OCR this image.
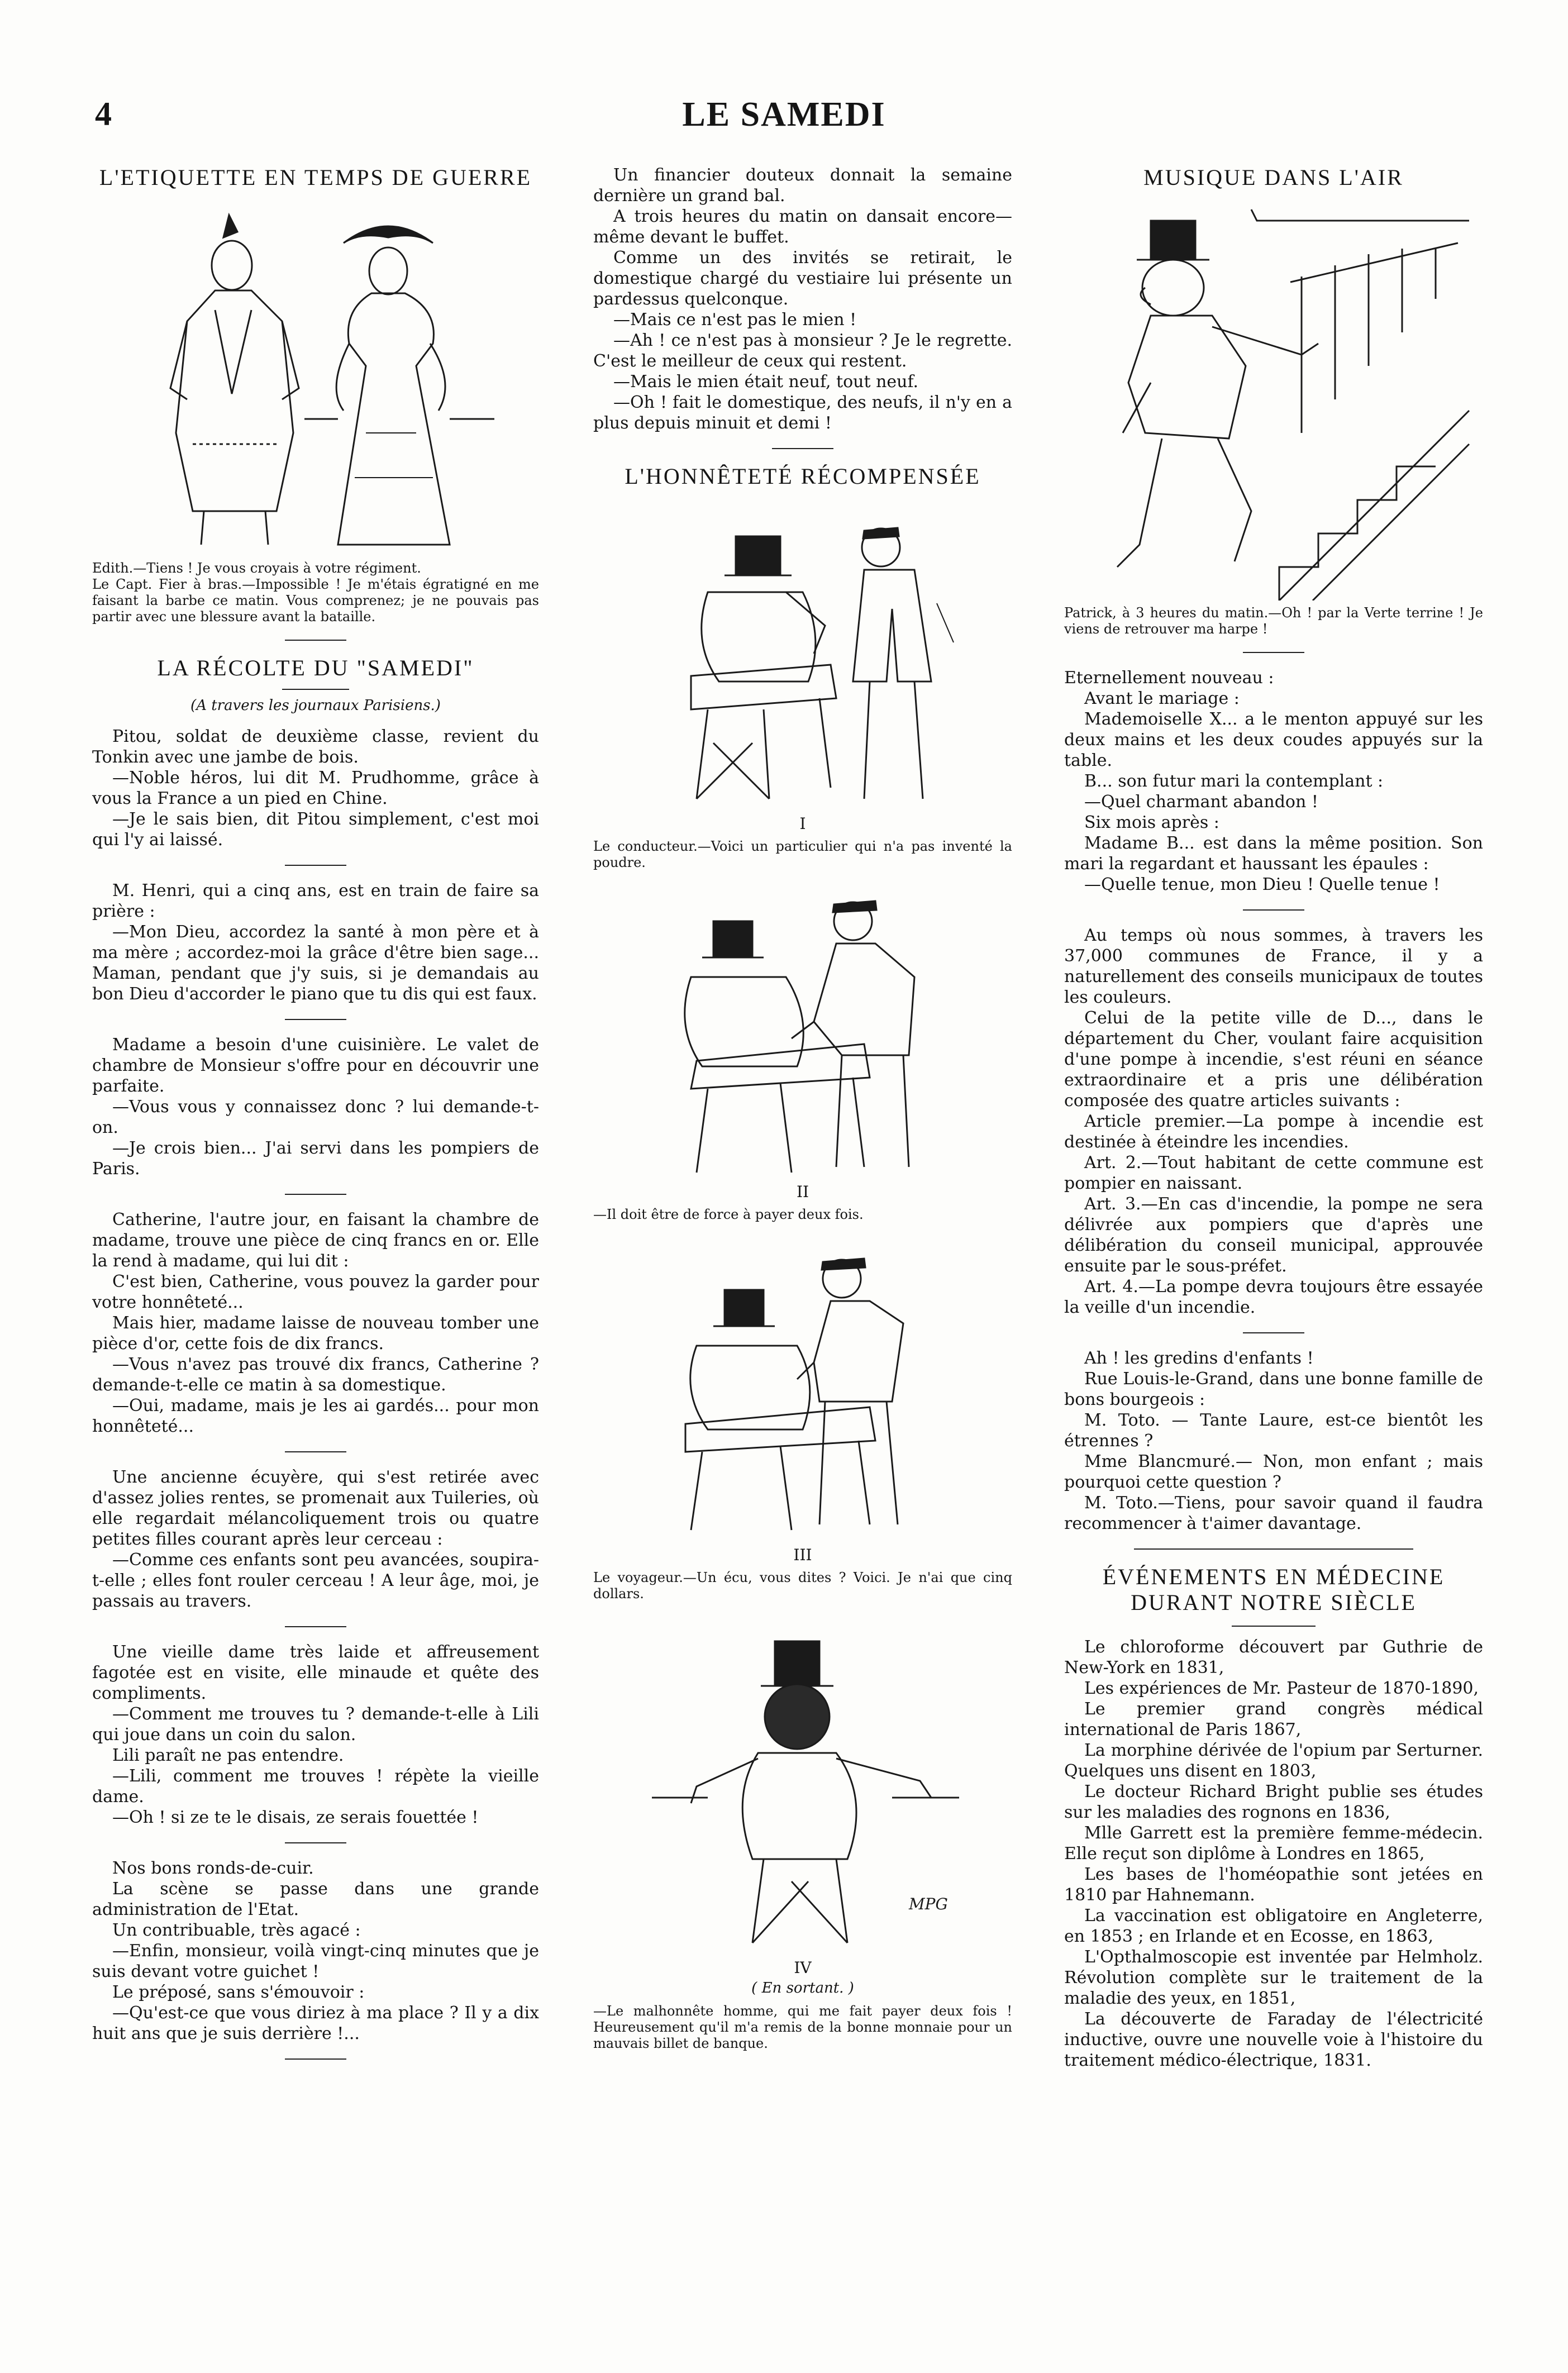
LE SAMEDI
4
L'ETIQUETTE EN TEMPS DE GUERRE

Edith.—Tiens ! Je vous croyais à votre régiment.
Le Capt. Fier à bras.—Impossible ! Je m'étais égratigné en me faisant la barbe ce matin. Vous comprenez; je ne pouvais pas partir avec une blessure avant la bataille.

LA RÉCOLTE DU "SAMEDI"
(A travers les journaux Parisiens.)

Pitou, soldat de deuxième classe, revient du Tonkin avec une jambe de bois.

—Noble héros, lui dit M. Prudhomme, grâce à vous la France a un pied en Chine.

—Je le sais bien, dit Pitou simplement, c'est moi qui l'y ai laissé.

M. Henri, qui a cinq ans, est en train de faire sa prière :

—Mon Dieu, accordez la santé à mon père et à ma mère ; accordez-moi la grâce d'être bien sage... Maman, pendant que j'y suis, si je demandais au bon Dieu d'accorder le piano que tu dis qui est faux.

Madame a besoin d'une cuisinière. Le valet de chambre de Monsieur s'offre pour en découvrir une parfaite.

—Vous vous y connaissez donc ? lui demande-t-on.

—Je crois bien... J'ai servi dans les pompiers de Paris.

Catherine, l'autre jour, en faisant la chambre de madame, trouve une pièce de cinq francs en or. Elle la rend à madame, qui lui dit :

C'est bien, Catherine, vous pouvez la garder pour votre honnêteté...

Mais hier, madame laisse de nouveau tomber une pièce d'or, cette fois de dix francs.

—Vous n'avez pas trouvé dix francs, Catherine ? demande-t-elle ce matin à sa domestique.

—Oui, madame, mais je les ai gardés... pour mon honnêteté...

Une ancienne écuyère, qui s'est retirée avec d'assez jolies rentes, se promenait aux Tuileries, où elle regardait mélancoliquement trois ou quatre petites filles courant après leur cerceau :

—Comme ces enfants sont peu avancées, soupira-t-elle ; elles font rouler cerceau ! A leur âge, moi, je passais au travers.

Une vieille dame très laide et affreusement fagotée est en visite, elle minaude et quête des compliments.

—Comment me trouves tu ? demande-t-elle à Lili qui joue dans un coin du salon.

Lili paraît ne pas entendre.

—Lili, comment me trouves ! répète la vieille dame.

—Oh ! si ze te le disais, ze serais fouettée !

Nos bons ronds-de-cuir.

La scène se passe dans une grande administration de l'Etat.

Un contribuable, très agacé :

—Enfin, monsieur, voilà vingt-cinq minutes que je suis devant votre guichet !

Le préposé, sans s'émouvoir :

—Qu'est-ce que vous diriez à ma place ? Il y a dix huit ans que je suis derrière !...

Un financier douteux donnait la semaine dernière un grand bal.

A trois heures du matin on dansait encore— même devant le buffet.

Comme un des invités se retirait, le domestique chargé du vestiaire lui présente un pardessus quelconque.

—Mais ce n'est pas le mien !

—Ah ! ce n'est pas à monsieur ? Je le regrette. C'est le meilleur de ceux qui restent.

—Mais le mien était neuf, tout neuf.

—Oh ! fait le domestique, des neufs, il n'y en a plus depuis minuit et demi !

L'HONNÊTETÉ RÉCOMPENSÉE
I

Le conducteur.—Voici un particulier qui n'a pas inventé la poudre.

II

—Il doit être de force à payer deux fois.

III

Le voyageur.—Un écu, vous dites ? Voici. Je n'ai que cinq dollars.

MPG
IV
( En sortant. )

—Le malhonnête homme, qui me fait payer deux fois ! Heureusement qu'il m'a remis de la bonne monnaie pour un mauvais billet de banque.

MUSIQUE DANS L'AIR

Patrick, à 3 heures du matin.—Oh ! par la Verte terrine ! Je viens de retrouver ma harpe !

Eternellement nouveau :

Avant le mariage :

Mademoiselle X... a le menton appuyé sur les deux mains et les deux coudes appuyés sur la table.

B... son futur mari la contemplant :

—Quel charmant abandon !

Six mois après :

Madame B... est dans la même position. Son mari la regardant et haussant les épaules :

—Quelle tenue, mon Dieu ! Quelle tenue !

Au temps où nous sommes, à travers les 37,000 communes de France, il y a naturellement des conseils municipaux de toutes les couleurs.

Celui de la petite ville de D..., dans le département du Cher, voulant faire acquisition d'une pompe à incendie, s'est réuni en séance extraordinaire et a pris une délibération composée des quatre articles suivants :

Article premier.—La pompe à incendie est destinée à éteindre les incendies.

Art. 2.—Tout habitant de cette commune est pompier en naissant.

Art. 3.—En cas d'incendie, la pompe ne sera délivrée aux pompiers que d'après une délibération du conseil municipal, approuvée ensuite par le sous-préfet.

Art. 4.—La pompe devra toujours être essayée la veille d'un incendie.

Ah ! les gredins d'enfants !

Rue Louis-le-Grand, dans une bonne famille de bons bourgeois :

M. Toto. — Tante Laure, est-ce bientôt les étrennes ?

Mme Blancmuré.— Non, mon enfant ; mais pourquoi cette question ?

M. Toto.—Tiens, pour savoir quand il faudra recommencer à t'aimer davantage.

ÉVÉNEMENTS EN MÉDECINE DURANT NOTRE SIÈCLE

Le chloroforme découvert par Guthrie de New-York en 1831,

Les expériences de Mr. Pasteur de 1870-1890,

Le premier grand congrès médical international de Paris 1867,

La morphine dérivée de l'opium par Serturner. Quelques uns disent en 1803,

Le docteur Richard Bright publie ses études sur les maladies des rognons en 1836,

Mlle Garrett est la première femme-médecin. Elle reçut son diplôme à Londres en 1865,

Les bases de l'homéopathie sont jetées en 1810 par Hahnemann.

La vaccination est obligatoire en Angleterre, en 1853 ; en Irlande et en Ecosse, en 1863,

L'Opthalmoscopie est inventée par Helmholz. Révolution complète sur le traitement de la maladie des yeux, en 1851,

La découverte de Faraday de l'électricité inductive, ouvre une nouvelle voie à l'histoire du traitement médico-électrique, 1831.
